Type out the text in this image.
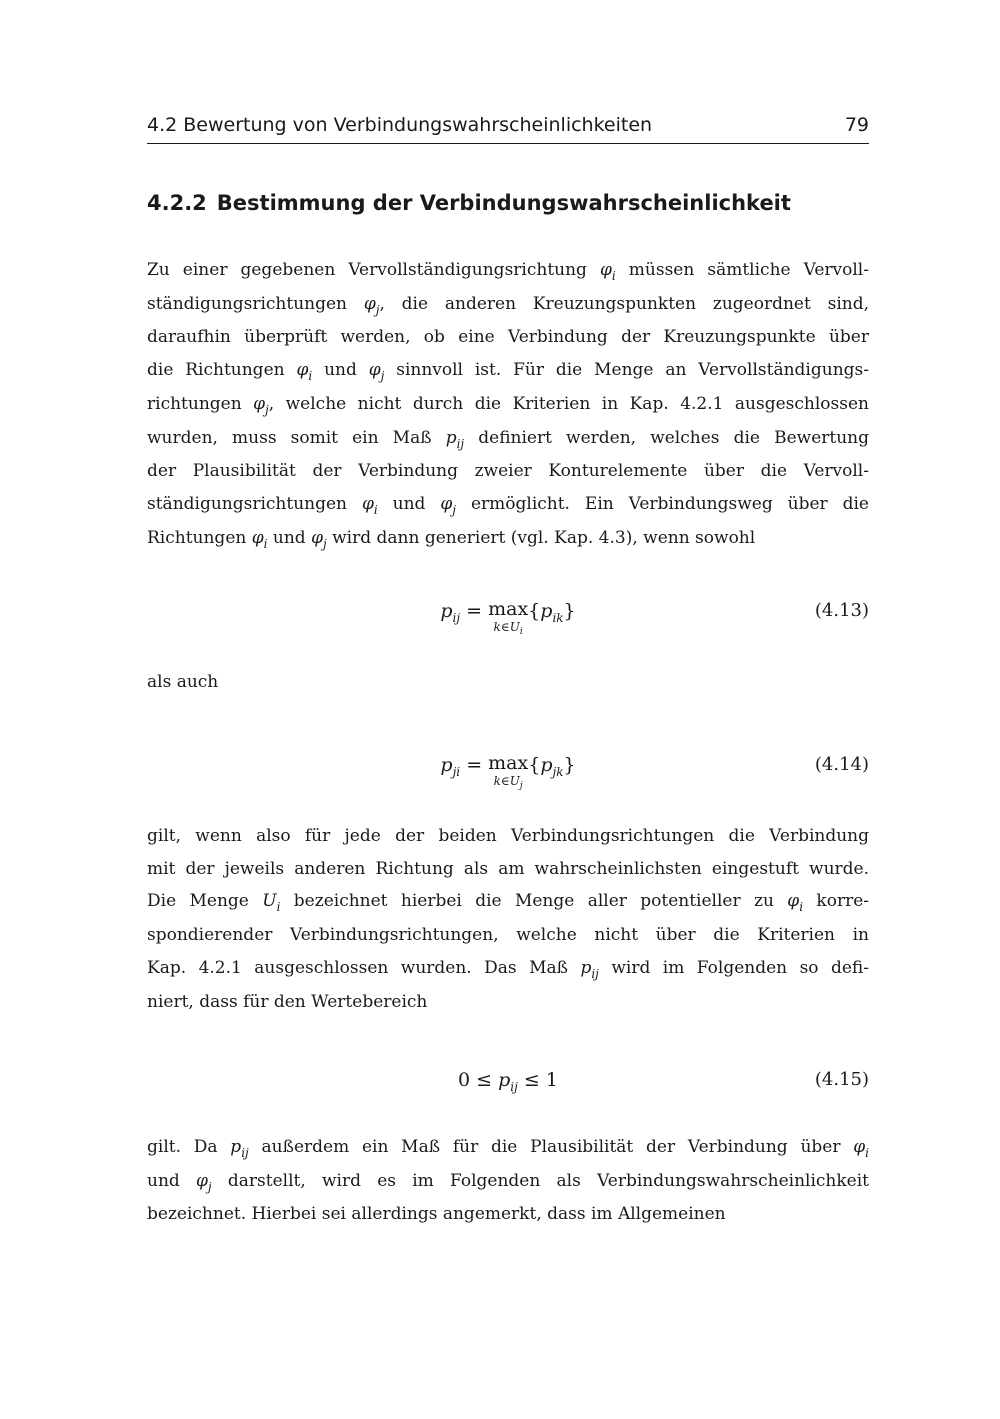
4.2 Bewertung von Verbindungswahrscheinlichkeiten	79
4.2.2 Bestimmung der Verbindungswahrscheinlichkeit
Zu einer gegebenen Vervollständigungsrichtung $\varphi_i$ müssen sämtliche Vervoll-
ständigungsrichtungen $\varphi_j$, die anderen Kreuzungspunkten zugeordnet sind,
daraufhin überprüft werden, ob eine Verbindung der Kreuzungspunkte über
die Richtungen $\varphi_i$ und $\varphi_j$ sinnvoll ist. Für die Menge an Vervollständigungs-
richtungen $\varphi_j$, welche nicht durch die Kriterien in Kap. 4.2.1 ausgeschlossen
wurden, muss somit ein Maß $p_{ij}$ definiert werden, welches die Bewertung
der Plausibilität der Verbindung zweier Konturelemente über die Vervoll-
ständigungsrichtungen $\varphi_i$ und $\varphi_j$ ermöglicht. Ein Verbindungsweg über die
Richtungen $\varphi_i$ und $\varphi_j$ wird dann generiert (vgl. Kap. 4.3), wenn sowohl
$p_{ij} = \max$
$k\in U_i$
$\{p_{ik}\}$	(4.13)
als auch
$p_{ji} = \max$
$k\in U_j$
$\{p_{jk}\}$	(4.14)
gilt, wenn also für jede der beiden Verbindungsrichtungen die Verbindung
mit der jeweils anderen Richtung als am wahrscheinlichsten eingestuft wurde.
Die Menge $U_i$ bezeichnet hierbei die Menge aller potentieller zu $\varphi_i$ korre-
spondierender Verbindungsrichtungen, welche nicht über die Kriterien in
Kap. 4.2.1 ausgeschlossen wurden. Das Maß $p_{ij}$ wird im Folgenden so defi-
niert, dass für den Wertebereich
$0 \le p_{ij} \le 1$	(4.15)
gilt. Da $p_{ij}$ außerdem ein Maß für die Plausibilität der Verbindung über $\varphi_i$
und $\varphi_j$ darstellt, wird es im Folgenden als Verbindungswahrscheinlichkeit
bezeichnet. Hierbei sei allerdings angemerkt, dass im Allgemeinen
